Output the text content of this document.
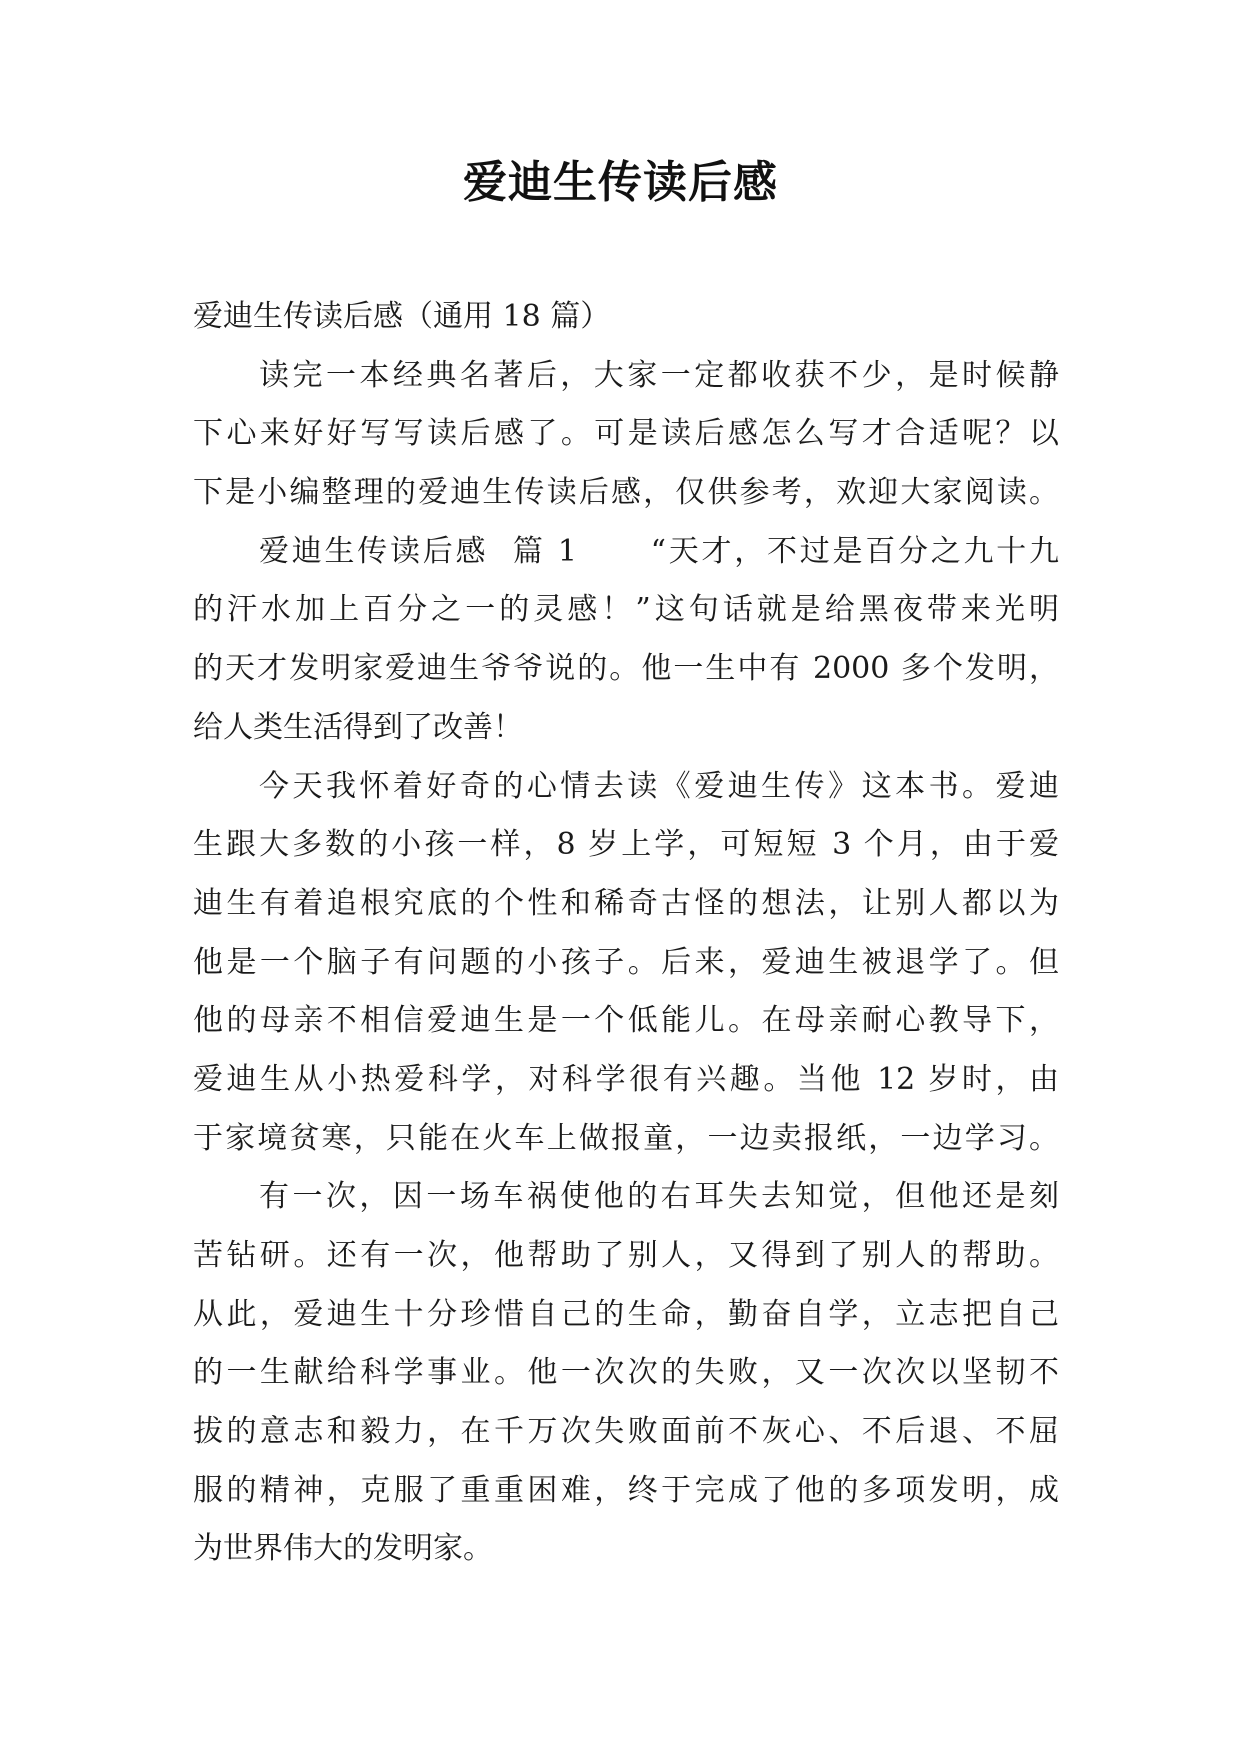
爱迪生传读后感
爱迪生传读后感（通用 18 篇）
读完一本经典名著后，大家一定都收获不少，是时候静
下心来好好写写读后感了。可是读后感怎么写才合适呢？以
下是小编整理的爱迪生传读后感，仅供参考，欢迎大家阅读。
爱迪生传读后感  篇 1      “天才，不过是百分之九十九
的汗水加上百分之一的灵感！”这句话就是给黑夜带来光明
的天才发明家爱迪生爷爷说的。他一生中有 2000 多个发明，
给人类生活得到了改善！
今天我怀着好奇的心情去读《爱迪生传》这本书。爱迪
生跟大多数的小孩一样，8 岁上学，可短短 3 个月，由于爱
迪生有着追根究底的个性和稀奇古怪的想法，让别人都以为
他是一个脑子有问题的小孩子。后来，爱迪生被退学了。但
他的母亲不相信爱迪生是一个低能儿。在母亲耐心教导下，
爱迪生从小热爱科学，对科学很有兴趣。当他 12 岁时，由
于家境贫寒，只能在火车上做报童，一边卖报纸，一边学习。
有一次，因一场车祸使他的右耳失去知觉，但他还是刻
苦钻研。还有一次，他帮助了别人，又得到了别人的帮助。
从此，爱迪生十分珍惜自己的生命，勤奋自学，立志把自己
的一生献给科学事业。他一次次的失败，又一次次以坚韧不
拔的意志和毅力，在千万次失败面前不灰心、不后退、不屈
服的精神，克服了重重困难，终于完成了他的多项发明，成
为世界伟大的发明家。
